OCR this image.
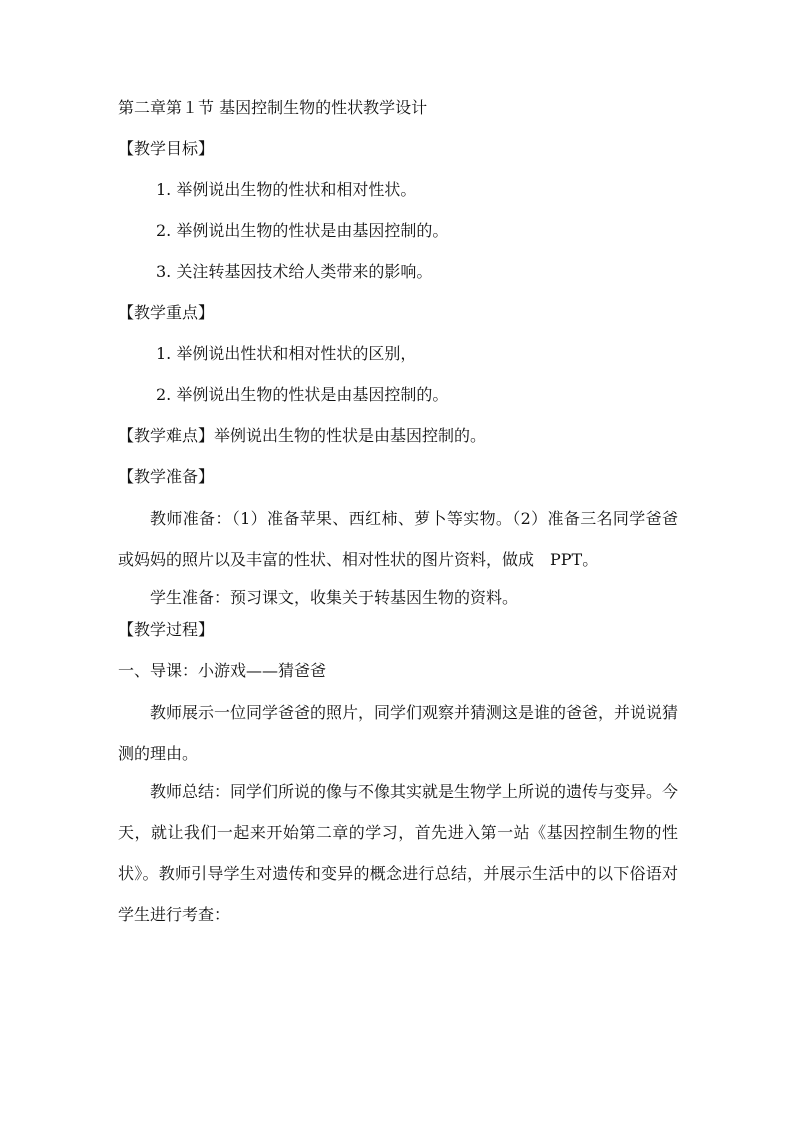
第二章第１节 基因控制生物的性状教学设计
【教学目标】
1. 举例说出生物的性状和相对性状。
2. 举例说出生物的性状是由基因控制的。
3. 关注转基因技术给人类带来的影响。
【教学重点】
1. 举例说出性状和相对性状的区别，
2. 举例说出生物的性状是由基因控制的。
【教学难点】举例说出生物的性状是由基因控制的。
【教学准备】

教师准备：（1）准备苹果、西红柿、萝卜等实物。（2）准备三名同学爸爸或妈妈的照片以及丰富的性状、相对性状的图片资料，做成　PPT。

学生准备：预习课文，收集关于转基因生物的资料。

【教学过程】
一、导课：小游戏——猜爸爸

教师展示一位同学爸爸的照片，同学们观察并猜测这是谁的爸爸，并说说猜测的理由。

教师总结：同学们所说的像与不像其实就是生物学上所说的遗传与变异。今天，就让我们一起来开始第二章的学习，首先进入第一站《基因控制生物的性状》。教师引导学生对遗传和变异的概念进行总结，并展示生活中的以下俗语对学生进行考查：
